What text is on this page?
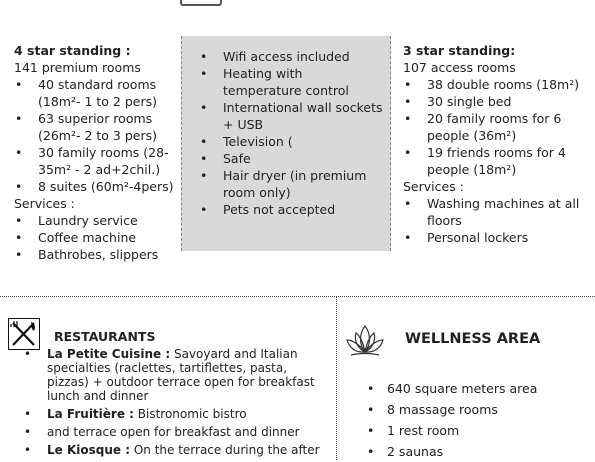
4 star standing :
141 premium rooms
• 40 standard rooms (18m²- 1 to 2 pers)
• 63 superior rooms (26m²- 2 to 3 pers)
• 30 family rooms (28-35m² - 2 ad+2chil.)
• 8 suites (60m²-4pers)
Services :
• Laundry service
• Coffee machine
• Bathrobes, slippers
• Wifi access included
• Heating with temperature control
• International wall sockets + USB
• Television (
• Safe
• Hair dryer (in premium room only)
• Pets not accepted
3 star standing:
107 access rooms
• 38 double rooms (18m²)
• 30 single bed
• 20 family rooms for 6 people (36m²)
• 19 friends rooms for 4 people (18m²)
Services :
• Washing machines at all floors
• Personal lockers
RESTAURANTS
• La Petite Cuisine : Savoyard and Italian specialties (raclettes, tartiflettes, pasta, pizzas) + outdoor terrace open for breakfast lunch and dinner
• La Fruitière : Bistronomic bistro
• and terrace open for breakfast and dinner
• Le Kiosque : On the terrace during the after
WELLNESS AREA
• 640 square meters area
• 8 massage rooms
• 1 rest room
• 2 saunas
